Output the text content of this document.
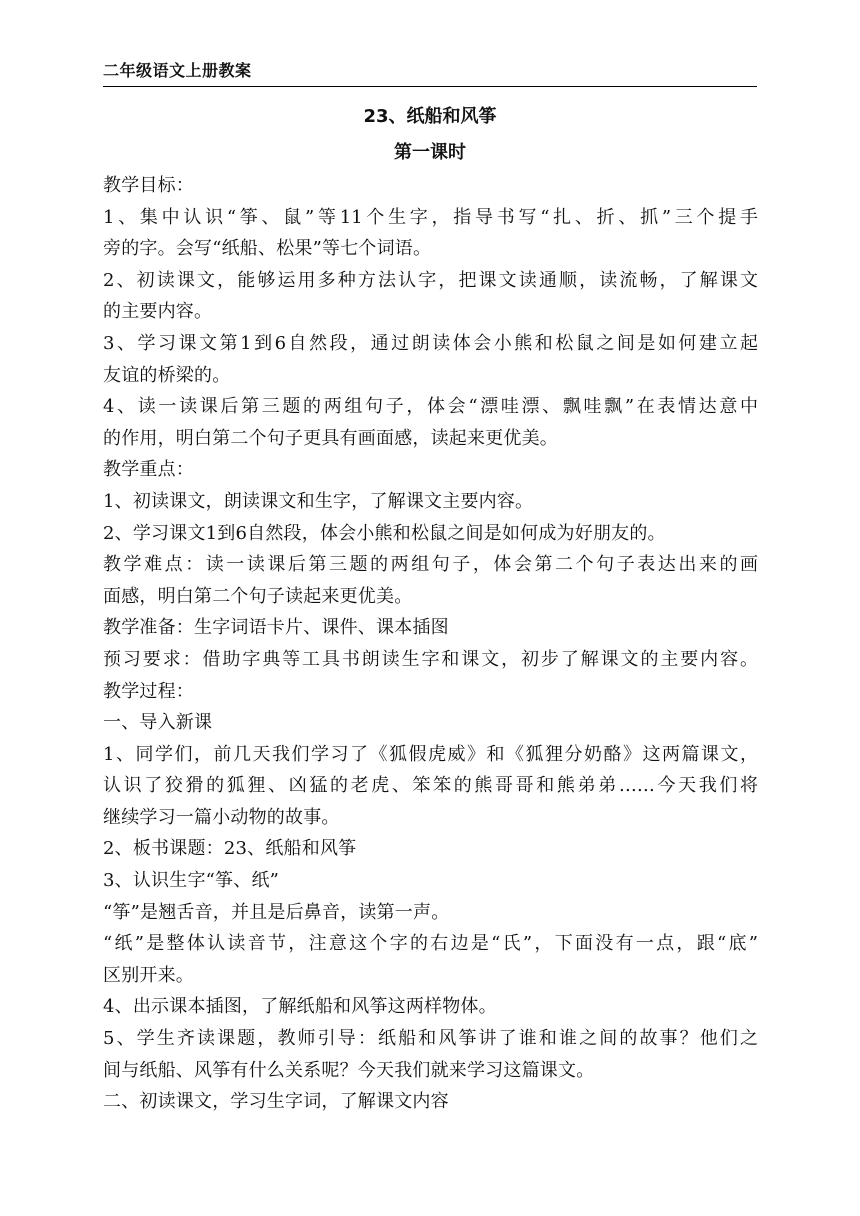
二年级语文上册教案
23、纸船和风筝
第一课时
教学目标：
1、集中认识“筝、鼠”等11个生字，指导书写“扎、折、抓”三个提手
旁的字。会写“纸船、松果”等七个词语。
2、初读课文，能够运用多种方法认字，把课文读通顺，读流畅，了解课文
的主要内容。
3、学习课文第1到6自然段，通过朗读体会小熊和松鼠之间是如何建立起
友谊的桥梁的。
4、读一读课后第三题的两组句子，体会“漂哇漂、飘哇飘”在表情达意中
的作用，明白第二个句子更具有画面感，读起来更优美。
教学重点：
1、初读课文，朗读课文和生字，了解课文主要内容。
2、学习课文1到6自然段，体会小熊和松鼠之间是如何成为好朋友的。
教学难点：读一读课后第三题的两组句子，体会第二个句子表达出来的画
面感，明白第二个句子读起来更优美。
教学准备：生字词语卡片、课件、课本插图
预习要求：借助字典等工具书朗读生字和课文，初步了解课文的主要内容。
教学过程：
一、导入新课
1、同学们，前几天我们学习了《狐假虎威》和《狐狸分奶酪》这两篇课文，
认识了狡猾的狐狸、凶猛的老虎、笨笨的熊哥哥和熊弟弟……今天我们将
继续学习一篇小动物的故事。
2、板书课题：23、纸船和风筝
3、认识生字“筝、纸”
“筝”是翘舌音，并且是后鼻音，读第一声。
“纸”是整体认读音节，注意这个字的右边是“氏”，下面没有一点，跟“底”
区别开来。
4、出示课本插图，了解纸船和风筝这两样物体。
5、学生齐读课题，教师引导：纸船和风筝讲了谁和谁之间的故事？他们之
间与纸船、风筝有什么关系呢？今天我们就来学习这篇课文。
二、初读课文，学习生字词，了解课文内容
